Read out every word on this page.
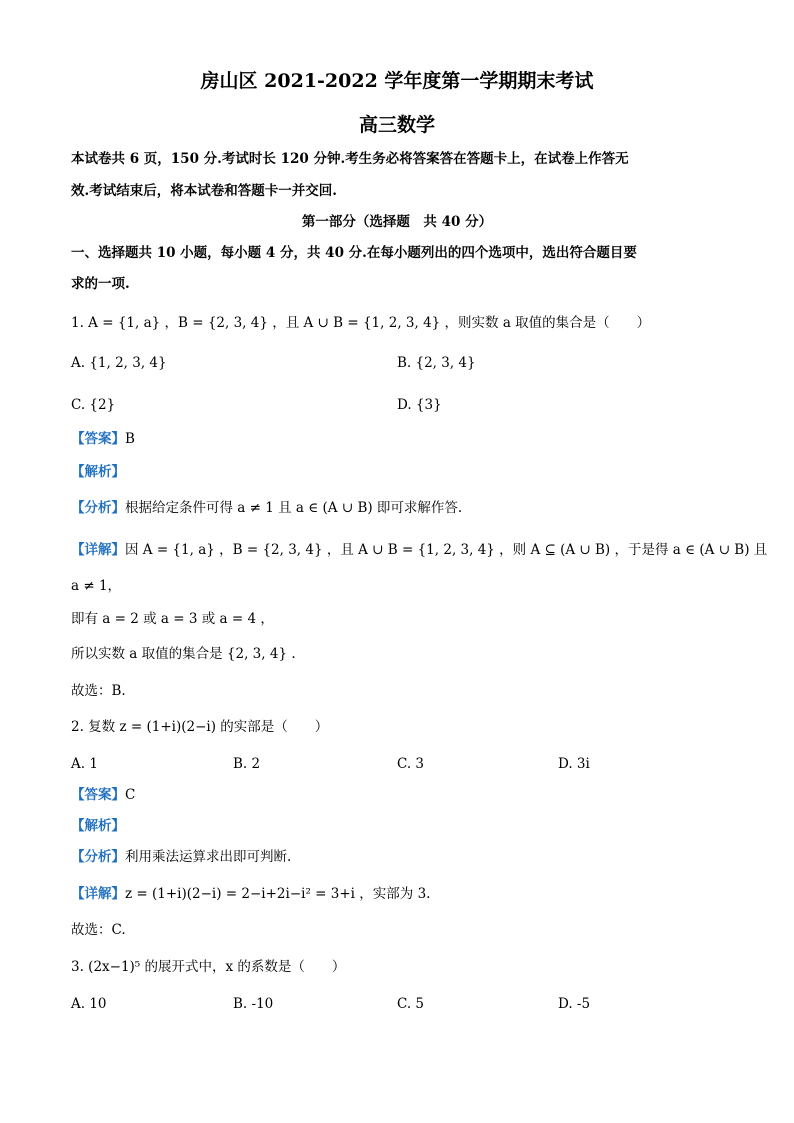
房山区 2021-2022 学年度第一学期期末考试
高三数学
本试卷共 6 页，150 分.考试时长 120 分钟.考生务必将答案答在答题卡上，在试卷上作答无
效.考试结束后，将本试卷和答题卡一并交回.
第一部分（选择题　共 40 分）
一、选择题共 10 小题，每小题 4 分，共 40 分.在每小题列出的四个选项中，选出符合题目要
求的一项.
1. A = {1, a} ，B = {2, 3, 4} ，且 A ∪ B = {1, 2, 3, 4} ，则实数 a 取值的集合是（　　）
A. {1, 2, 3, 4}	B. {2, 3, 4}
C. {2}	D. {3}
【答案】B
【解析】
【分析】根据给定条件可得 a ≠ 1 且 a ∈ (A ∪ B) 即可求解作答.
【详解】因 A = {1, a} ，B = {2, 3, 4} ，且 A ∪ B = {1, 2, 3, 4} ，则 A ⊆ (A ∪ B) ，于是得 a ∈ (A ∪ B) 且
a ≠ 1，
即有 a = 2 或 a = 3 或 a = 4 ，
所以实数 a 取值的集合是 {2, 3, 4} .
故选：B.
2. 复数 z = (1+i)(2−i) 的实部是（　　）
A. 1	B. 2	C. 3	D. 3i
【答案】C
【解析】
【分析】利用乘法运算求出即可判断.
【详解】z = (1+i)(2−i) = 2−i+2i−i² = 3+i ，实部为 3.
故选：C.
3. (2x−1)⁵ 的展开式中，x 的系数是（　　）
A. 10	B. -10	C. 5	D. -5
